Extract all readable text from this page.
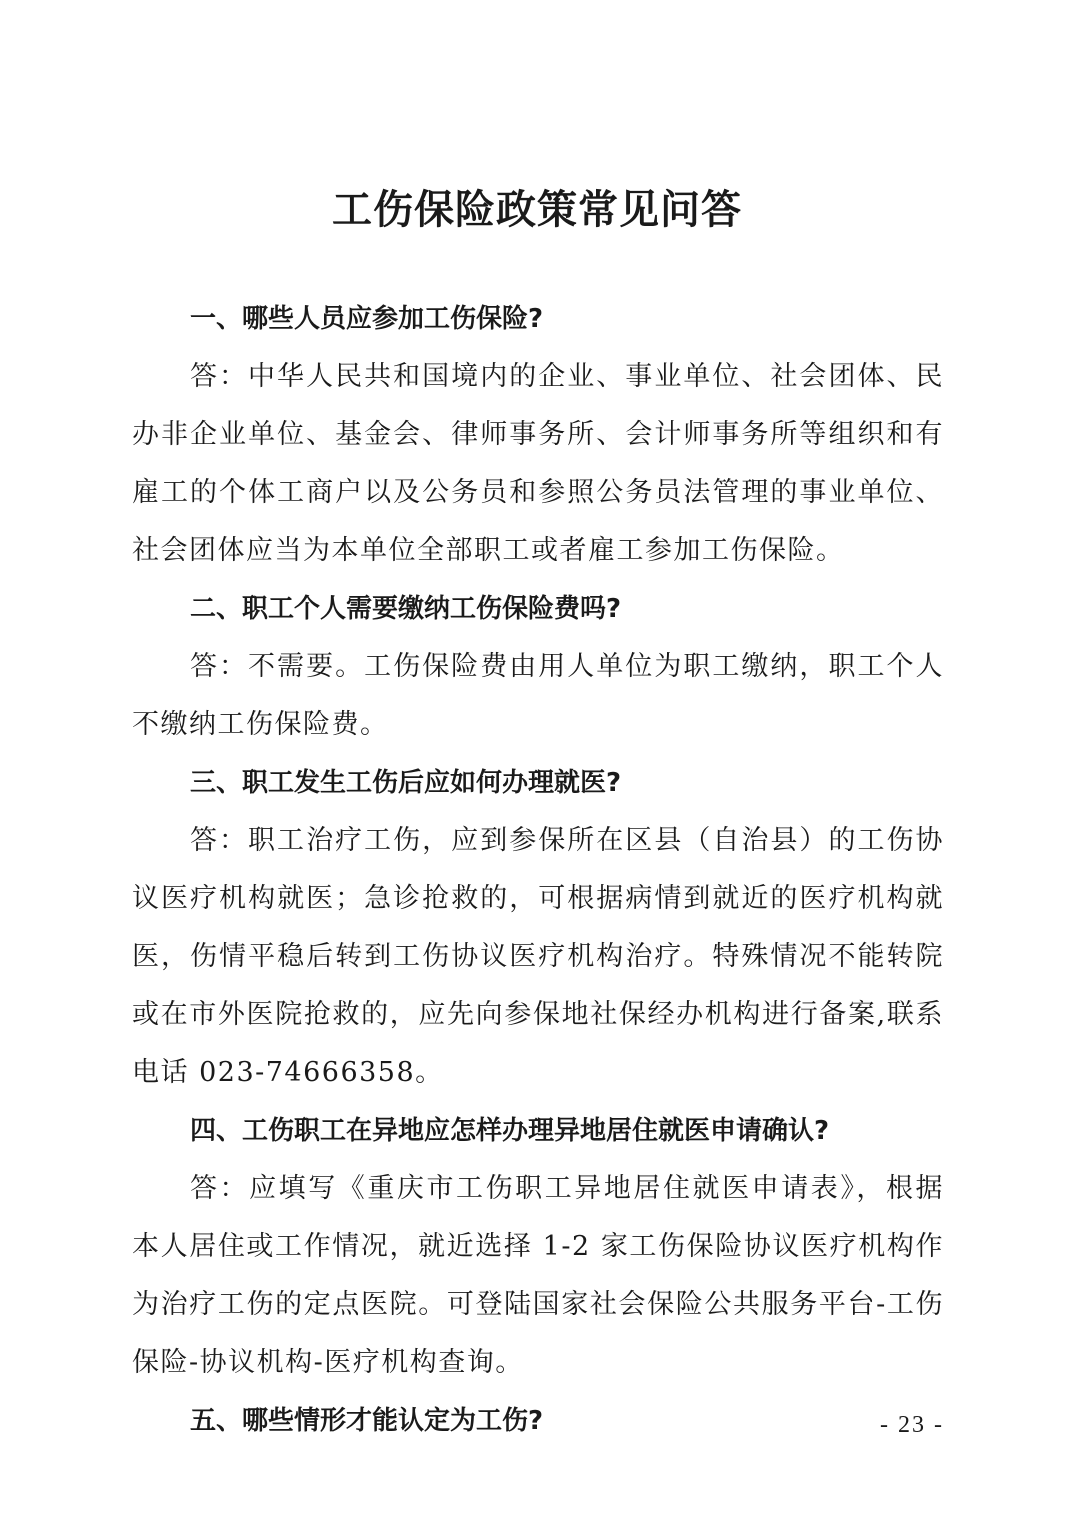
工伤保险政策常见问答

一、哪些人员应参加工伤保险?

答：中华人民共和国境内的企业、事业单位、社会团体、民办非企业单位、基金会、律师事务所、会计师事务所等组织和有雇工的个体工商户以及公务员和参照公务员法管理的事业单位、社会团体应当为本单位全部职工或者雇工参加工伤保险。

二、职工个人需要缴纳工伤保险费吗?

答：不需要。工伤保险费由用人单位为职工缴纳，职工个人不缴纳工伤保险费。

三、职工发生工伤后应如何办理就医?

答：职工治疗工伤，应到参保所在区县（自治县）的工伤协议医疗机构就医；急诊抢救的，可根据病情到就近的医疗机构就医，伤情平稳后转到工伤协议医疗机构治疗。特殊情况不能转院或在市外医院抢救的，应先向参保地社保经办机构进行备案,联系电话 023-74666358。

四、工伤职工在异地应怎样办理异地居住就医申请确认?

答：应填写《重庆市工伤职工异地居住就医申请表》，根据本人居住或工作情况，就近选择 1-2 家工伤保险协议医疗机构作为治疗工伤的定点医院。可登陆国家社会保险公共服务平台-工伤保险-协议机构-医疗机构查询。

五、哪些情形才能认定为工伤?	- 23 -
